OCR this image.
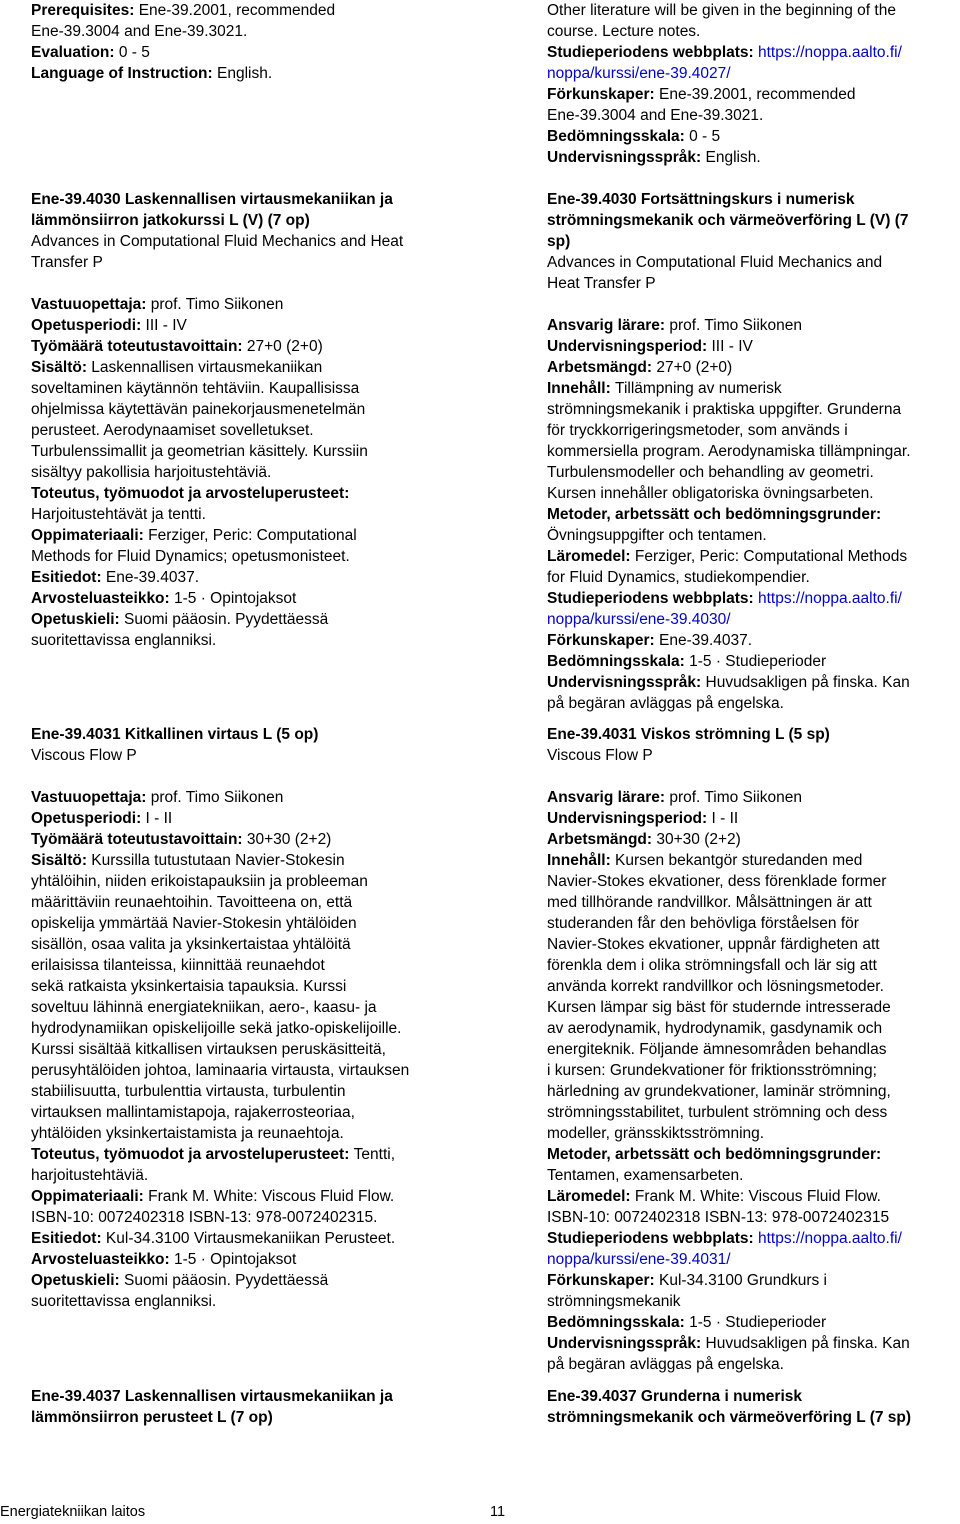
Prerequisites: Ene-39.2001, recommended
Ene-39.3004 and Ene-39.3021.
Evaluation: 0 - 5
Language of Instruction: English.
Ene-39.4030 Laskennallisen virtausmekaniikan ja
lämmönsiirron jatkokurssi L (V) (7 op)
Advances in Computational Fluid Mechanics and Heat
Transfer P
Vastuuopettaja: prof. Timo Siikonen
Opetusperiodi: III - IV
Työmäärä toteutustavoittain: 27+0 (2+0)
Sisältö: Laskennallisen virtausmekaniikan
soveltaminen käytännön tehtäviin. Kaupallisissa
ohjelmissa käytettävän painekorjausmenetelmän
perusteet. Aerodynaamiset sovelletukset.
Turbulenssimallit ja geometrian käsittely. Kurssiin
sisältyy pakollisia harjoitustehtäviä.
Toteutus, työmuodot ja arvosteluperusteet:
Harjoitustehtävät ja tentti.
Oppimateriaali: Ferziger, Peric: Computational
Methods for Fluid Dynamics; opetusmonisteet.
Esitiedot: Ene-39.4037.
Arvosteluasteikko: 1-5 · Opintojaksot
Opetuskieli: Suomi pääosin. Pyydettäessä
suoritettavissa englanniksi.
Ene-39.4031 Kitkallinen virtaus L (5 op)
Viscous Flow P
Vastuuopettaja: prof. Timo Siikonen
Opetusperiodi: I - II
Työmäärä toteutustavoittain: 30+30 (2+2)
Sisältö: Kurssilla tutustutaan Navier-Stokesin
yhtälöihin, niiden erikoistapauksiin ja probleeman
määrittäviin reunaehtoihin. Tavoitteena on, että
opiskelija ymmärtää Navier-Stokesin yhtälöiden
sisällön, osaa valita ja yksinkertaistaa yhtälöitä
erilaisissa tilanteissa, kiinnittää reunaehdot
sekä ratkaista yksinkertaisia tapauksia. Kurssi
soveltuu lähinnä energiatekniikan, aero-, kaasu- ja
hydrodynamiikan opiskelijoille sekä jatko-opiskelijoille.
Kurssi sisältää kitkallisen virtauksen peruskäsitteitä,
perusyhtälöiden johtoa, laminaaria virtausta, virtauksen
stabiilisuutta, turbulenttia virtausta, turbulentin
virtauksen mallintamistapoja, rajakerrosteoriaa,
yhtälöiden yksinkertaistamista ja reunaehtoja.
Toteutus, työmuodot ja arvosteluperusteet: Tentti,
harjoitustehtäviä.
Oppimateriaali: Frank M. White: Viscous Fluid Flow.
ISBN-10: 0072402318 ISBN-13: 978-0072402315.
Esitiedot: Kul-34.3100 Virtausmekaniikan Perusteet.
Arvosteluasteikko: 1-5 · Opintojaksot
Opetuskieli: Suomi pääosin. Pyydettäessä
suoritettavissa englanniksi.
Ene-39.4037 Laskennallisen virtausmekaniikan ja
lämmönsiirron perusteet L (7 op)
Other literature will be given in the beginning of the
course. Lecture notes.
Studieperiodens webbplats: https://noppa.aalto.fi/
noppa/kurssi/ene-39.4027/
Förkunskaper: Ene-39.2001, recommended
Ene-39.3004 and Ene-39.3021.
Bedömningsskala: 0 - 5
Undervisningsspråk: English.
Ene-39.4030 Fortsättningskurs i numerisk
strömningsmekanik och värmeöverföring L (V) (7
sp)
Advances in Computational Fluid Mechanics and
Heat Transfer P
Ansvarig lärare: prof. Timo Siikonen
Undervisningsperiod: III - IV
Arbetsmängd: 27+0 (2+0)
Innehåll: Tillämpning av numerisk
strömningsmekanik i praktiska uppgifter. Grunderna
för tryckkorrigeringsmetoder, som används i
kommersiella program. Aerodynamiska tillämpningar.
Turbulensmodeller och behandling av geometri.
Kursen innehåller obligatoriska övningsarbeten.
Metoder, arbetssätt och bedömningsgrunder:
Övningsuppgifter och tentamen.
Läromedel: Ferziger, Peric: Computational Methods
for Fluid Dynamics, studiekompendier.
Studieperiodens webbplats: https://noppa.aalto.fi/
noppa/kurssi/ene-39.4030/
Förkunskaper: Ene-39.4037.
Bedömningsskala: 1-5 · Studieperioder
Undervisningsspråk: Huvudsakligen på finska. Kan
på begäran avläggas på engelska.
Ene-39.4031 Viskos strömning L (5 sp)
Viscous Flow P
Ansvarig lärare: prof. Timo Siikonen
Undervisningsperiod: I - II
Arbetsmängd: 30+30 (2+2)
Innehåll: Kursen bekantgör sturedanden med
Navier-Stokes ekvationer, dess förenklade former
med tillhörande randvillkor. Målsättningen är att
studeranden får den behövliga förståelsen för
Navier-Stokes ekvationer, uppnår färdigheten att
förenkla dem i olika strömningsfall och lär sig att
använda korrekt randvillkor och lösningsmetoder.
Kursen lämpar sig bäst för studernde intresserade
av aerodynamik, hydrodynamik, gasdynamik och
energiteknik. Följande ämnesområden behandlas
i kursen: Grundekvationer för friktionsströmning;
härledning av grundekvationer, laminär strömning,
strömningsstabilitet, turbulent strömning och dess
modeller, gränsskiktsströmning.
Metoder, arbetssätt och bedömningsgrunder:
Tentamen, examensarbeten.
Läromedel: Frank M. White: Viscous Fluid Flow.
ISBN-10: 0072402318 ISBN-13: 978-0072402315
Studieperiodens webbplats: https://noppa.aalto.fi/
noppa/kurssi/ene-39.4031/
Förkunskaper: Kul-34.3100 Grundkurs i
strömningsmekanik
Bedömningsskala: 1-5 · Studieperioder
Undervisningsspråk: Huvudsakligen på finska. Kan
på begäran avläggas på engelska.
Ene-39.4037 Grunderna i numerisk
strömningsmekanik och värmeöverföring L (7 sp)
Energiatekniikan laitos	11
